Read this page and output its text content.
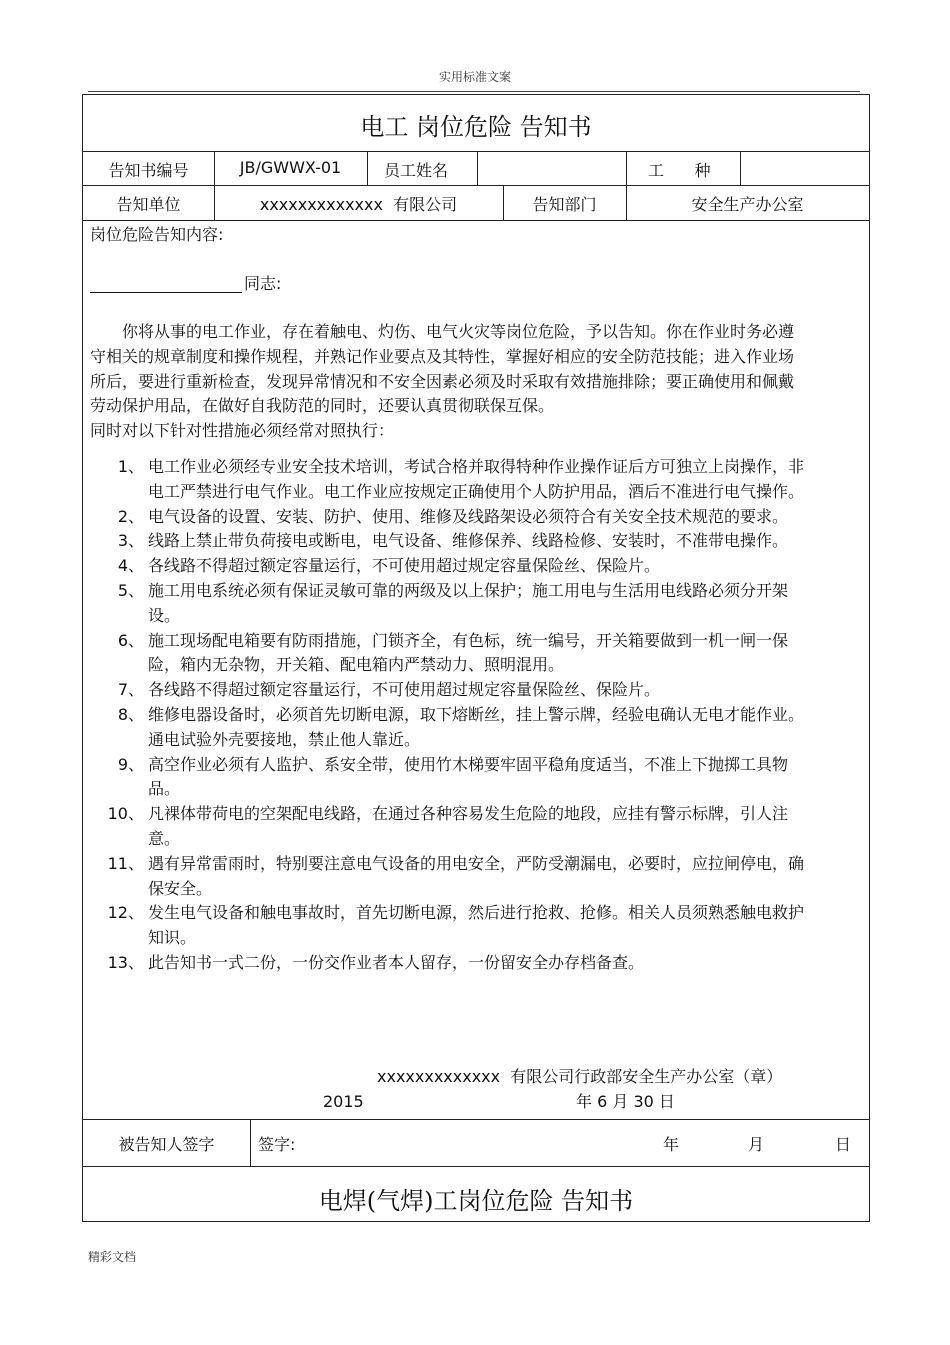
实用标准文案
电工 岗位危险 告知书
告知书编号	JB/GWWX-01	员工姓名	工      种
告知单位	xxxxxxxxxxxxx  有限公司	告知部门	安全生产办公室
岗位危险告知内容:
同志:
你将从事的电工作业，存在着触电、灼伤、电气火灾等岗位危险，予以告知。你在作业时务必遵守相关的规章制度和操作规程，并熟记作业要点及其特性，掌握好相应的安全防范技能；进入作业场所后，要进行重新检查，发现异常情况和不安全因素必须及时采取有效措施排除；要正确使用和佩戴劳动保护用品，在做好自我防范的同时，还要认真贯彻联保互保。
同时对以下针对性措施必须经常对照执行：
1、 电工作业必须经专业安全技术培训，考试合格并取得特种作业操作证后方可独立上岗操作，非电工严禁进行电气作业。电工作业应按规定正确使用个人防护用品，酒后不准进行电气操作。
2、 电气设备的设置、安装、防护、使用、维修及线路架设必须符合有关安全技术规范的要求。
3、 线路上禁止带负荷接电或断电，电气设备、维修保养、线路检修、安装时，不准带电操作。
4、 各线路不得超过额定容量运行，不可使用超过规定容量保险丝、保险片。
5、 施工用电系统必须有保证灵敏可靠的两级及以上保护；施工用电与生活用电线路必须分开架设。
6、 施工现场配电箱要有防雨措施，门锁齐全，有色标，统一编号，开关箱要做到一机一闸一保险，箱内无杂物，开关箱、配电箱内严禁动力、照明混用。
7、 各线路不得超过额定容量运行，不可使用超过规定容量保险丝、保险片。
8、 维修电器设备时，必须首先切断电源，取下熔断丝，挂上警示牌，经验电确认无电才能作业。通电试验外壳要接地，禁止他人靠近。
9、 高空作业必须有人监护、系安全带，使用竹木梯要牢固平稳角度适当，不准上下抛掷工具物品。
10、 凡裸体带荷电的空架配电线路，在通过各种容易发生危险的地段，应挂有警示标牌，引人注意。
11、 遇有异常雷雨时，特别要注意电气设备的用电安全，严防受潮漏电，必要时，应拉闸停电，确保安全。
12、 发生电气设备和触电事故时，首先切断电源，然后进行抢救、抢修。相关人员须熟悉触电救护知识。
13、 此告知书一式二份，一份交作业者本人留存，一份留安全办存档备查。
xxxxxxxxxxxxx  有限公司行政部安全生产办公室（章）
2015	年 6 月 30 日
被告知人签字	签字:	年	月	日
电焊(气焊)工岗位危险 告知书
精彩文档
